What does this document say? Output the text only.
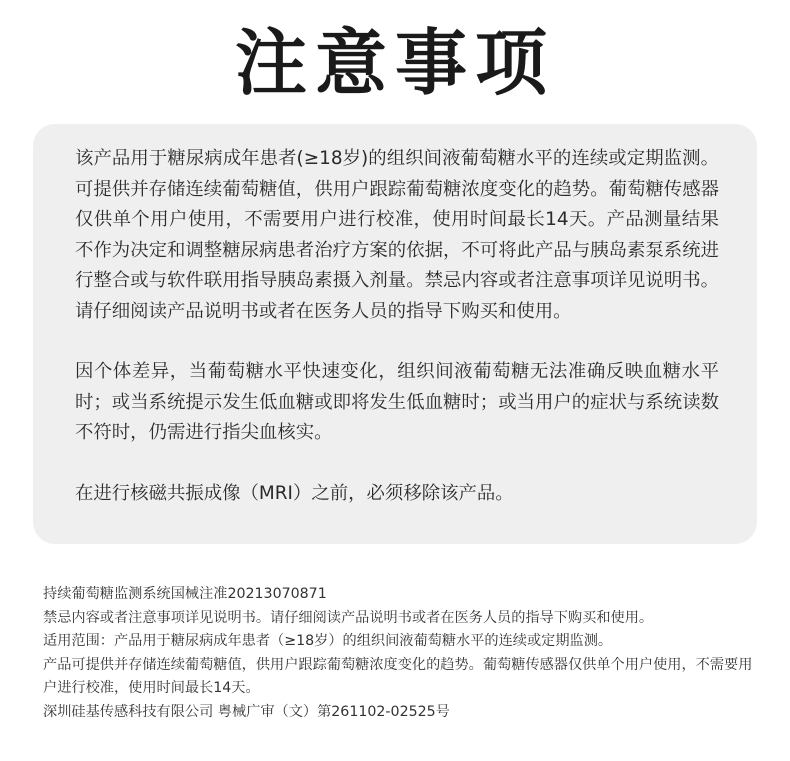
注意事项

该产品用于糖尿病成年患者(≥18岁)的组织间液葡萄糖水平的连续或定期监测。可提供并存储连续葡萄糖值，供用户跟踪葡萄糖浓度变化的趋势。葡萄糖传感器仅供单个用户使用，不需要用户进行校准，使用时间最长14天。产品测量结果不作为决定和调整糖尿病患者治疗方案的依据，不可将此产品与胰岛素泵系统进行整合或与软件联用指导胰岛素摄入剂量。禁忌内容或者注意事项详见说明书。请仔细阅读产品说明书或者在医务人员的指导下购买和使用。

因个体差异，当葡萄糖水平快速变化，组织间液葡萄糖无法准确反映血糖水平时；或当系统提示发生低血糖或即将发生低血糖时；或当用户的症状与系统读数不符时，仍需进行指尖血核实。

在进行核磁共振成像（MRI）之前，必须移除该产品。

持续葡萄糖监测系统国械注准20213070871

禁忌内容或者注意事项详见说明书。请仔细阅读产品说明书或者在医务人员的指导下购买和使用。

适用范围：产品用于糖尿病成年患者（≥18岁）的组织间液葡萄糖水平的连续或定期监测。

产品可提供并存储连续葡萄糖值，供用户跟踪葡萄糖浓度变化的趋势。葡萄糖传感器仅供单个用户使用，不需要用户进行校准，使用时间最长14天。

深圳硅基传感科技有限公司 粤械广审（文）第261102-02525号
